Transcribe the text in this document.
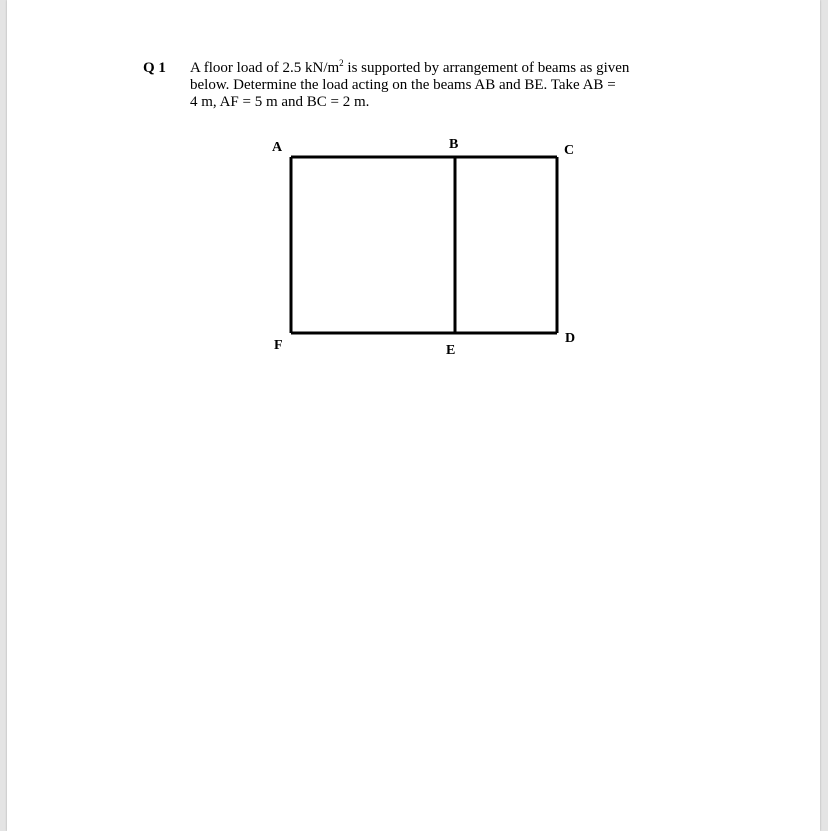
Q 1 A floor load of 2.5 $kN/m^2$ is supported by arrangement of beams as given
below. Determine the load acting on the beams AB and BE. Take AB =
4 m, AF = 5 m and BC = 2 m.
A	B	C
D
E
F
